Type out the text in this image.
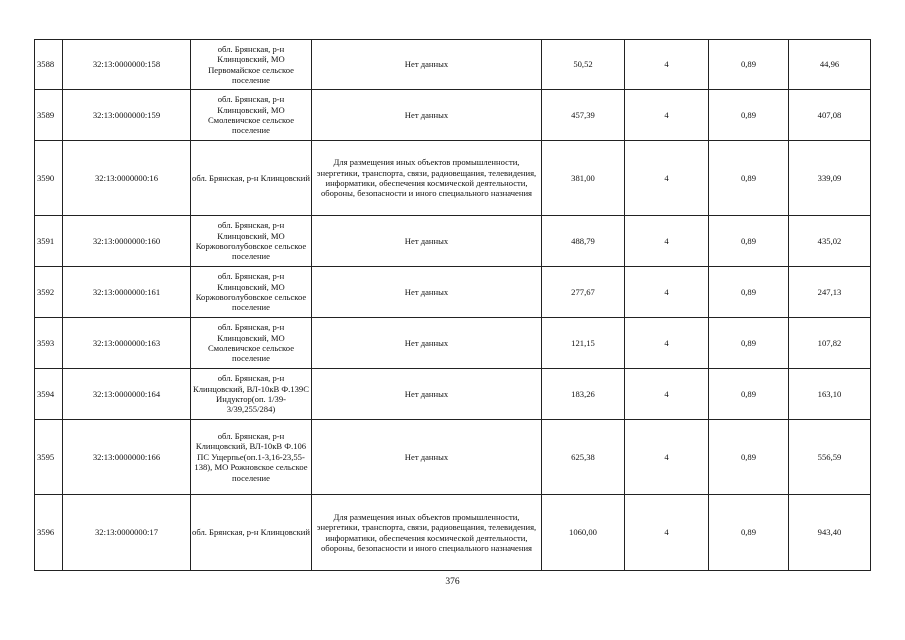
3588	32:13:0000000:158	обл. Брянская, р-н Клинцовский, МО Первомайское сельское поселение	Нет данных	50,52	4	0,89	44,96
3589	32:13:0000000:159	обл. Брянская, р-н Клинцовский, МО Смолевичское сельское поселение	Нет данных	457,39	4	0,89	407,08
3590	32:13:0000000:16	обл. Брянская, р-н Клинцовский	Для размещения иных объектов промышленности, энергетики, транспорта, связи, радиовещания, телевидения, информатики, обеспечения космической деятельности, обороны, безопасности и иного специального назначения	381,00	4	0,89	339,09
3591	32:13:0000000:160	обл. Брянская, р-н Клинцовский, МО Коржовоголубовское сельское поселение	Нет данных	488,79	4	0,89	435,02
3592	32:13:0000000:161	обл. Брянская, р-н Клинцовский, МО Коржовоголубовское сельское поселение	Нет данных	277,67	4	0,89	247,13
3593	32:13:0000000:163	обл. Брянская, р-н Клинцовский, МО Смолевичское сельское поселение	Нет данных	121,15	4	0,89	107,82
3594	32:13:0000000:164	обл. Брянская, р-н Клинцовский, ВЛ-10кВ Ф.139С Индуктор(оп. 1/39-3/39,255/284)	Нет данных	183,26	4	0,89	163,10
3595	32:13:0000000:166	обл. Брянская, р-н Клинцовский, ВЛ-10кВ Ф.106 ПС Ущерпье(оп.1-3,16-23,55-138), МО Рожновское сельское поселение	Нет данных	625,38	4	0,89	556,59
3596	32:13:0000000:17	обл. Брянская, р-н Клинцовский	Для размещения иных объектов промышленности, энергетики, транспорта, связи, радиовещания, телевидения, информатики, обеспечения космической деятельности, обороны, безопасности и иного специального назначения	1060,00	4	0,89	943,40
376
